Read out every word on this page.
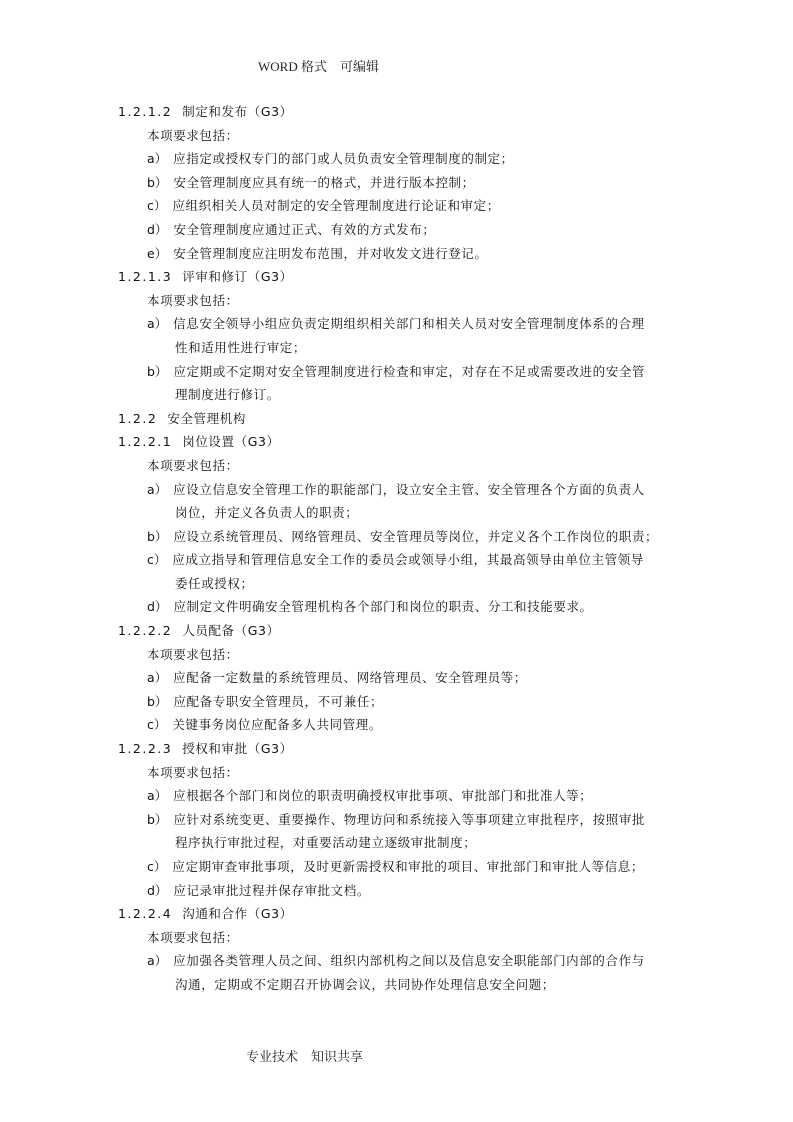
WORD 格式    可编辑
1.2.1.2 制定和发布（G3）
本项要求包括：
a） 应指定或授权专门的部门或人员负责安全管理制度的制定；
b） 安全管理制度应具有统一的格式，并进行版本控制；
c） 应组织相关人员对制定的安全管理制度进行论证和审定；
d） 安全管理制度应通过正式、有效的方式发布；
e） 安全管理制度应注明发布范围，并对收发文进行登记。
1.2.1.3 评审和修订（G3）
本项要求包括：
a） 信息安全领导小组应负责定期组织相关部门和相关人员对安全管理制度体系的合理
性和适用性进行审定；
b） 应定期或不定期对安全管理制度进行检查和审定，对存在不足或需要改进的安全管
理制度进行修订。
1.2.2 安全管理机构
1.2.2.1 岗位设置（G3）
本项要求包括：
a） 应设立信息安全管理工作的职能部门，设立安全主管、安全管理各个方面的负责人
岗位，并定义各负责人的职责；
b） 应设立系统管理员、网络管理员、安全管理员等岗位，并定义各个工作岗位的职责；
c） 应成立指导和管理信息安全工作的委员会或领导小组，其最高领导由单位主管领导
委任或授权；
d） 应制定文件明确安全管理机构各个部门和岗位的职责、分工和技能要求。
1.2.2.2 人员配备（G3）
本项要求包括：
a） 应配备一定数量的系统管理员、网络管理员、安全管理员等；
b） 应配备专职安全管理员，不可兼任；
c） 关键事务岗位应配备多人共同管理。
1.2.2.3 授权和审批（G3）
本项要求包括：
a） 应根据各个部门和岗位的职责明确授权审批事项、审批部门和批准人等；
b） 应针对系统变更、重要操作、物理访问和系统接入等事项建立审批程序，按照审批
程序执行审批过程，对重要活动建立逐级审批制度；
c） 应定期审查审批事项，及时更新需授权和审批的项目、审批部门和审批人等信息；
d） 应记录审批过程并保存审批文档。
1.2.2.4 沟通和合作（G3）
本项要求包括：
a） 应加强各类管理人员之间、组织内部机构之间以及信息安全职能部门内部的合作与
沟通，定期或不定期召开协调会议，共同协作处理信息安全问题；
专业技术    知识共享
